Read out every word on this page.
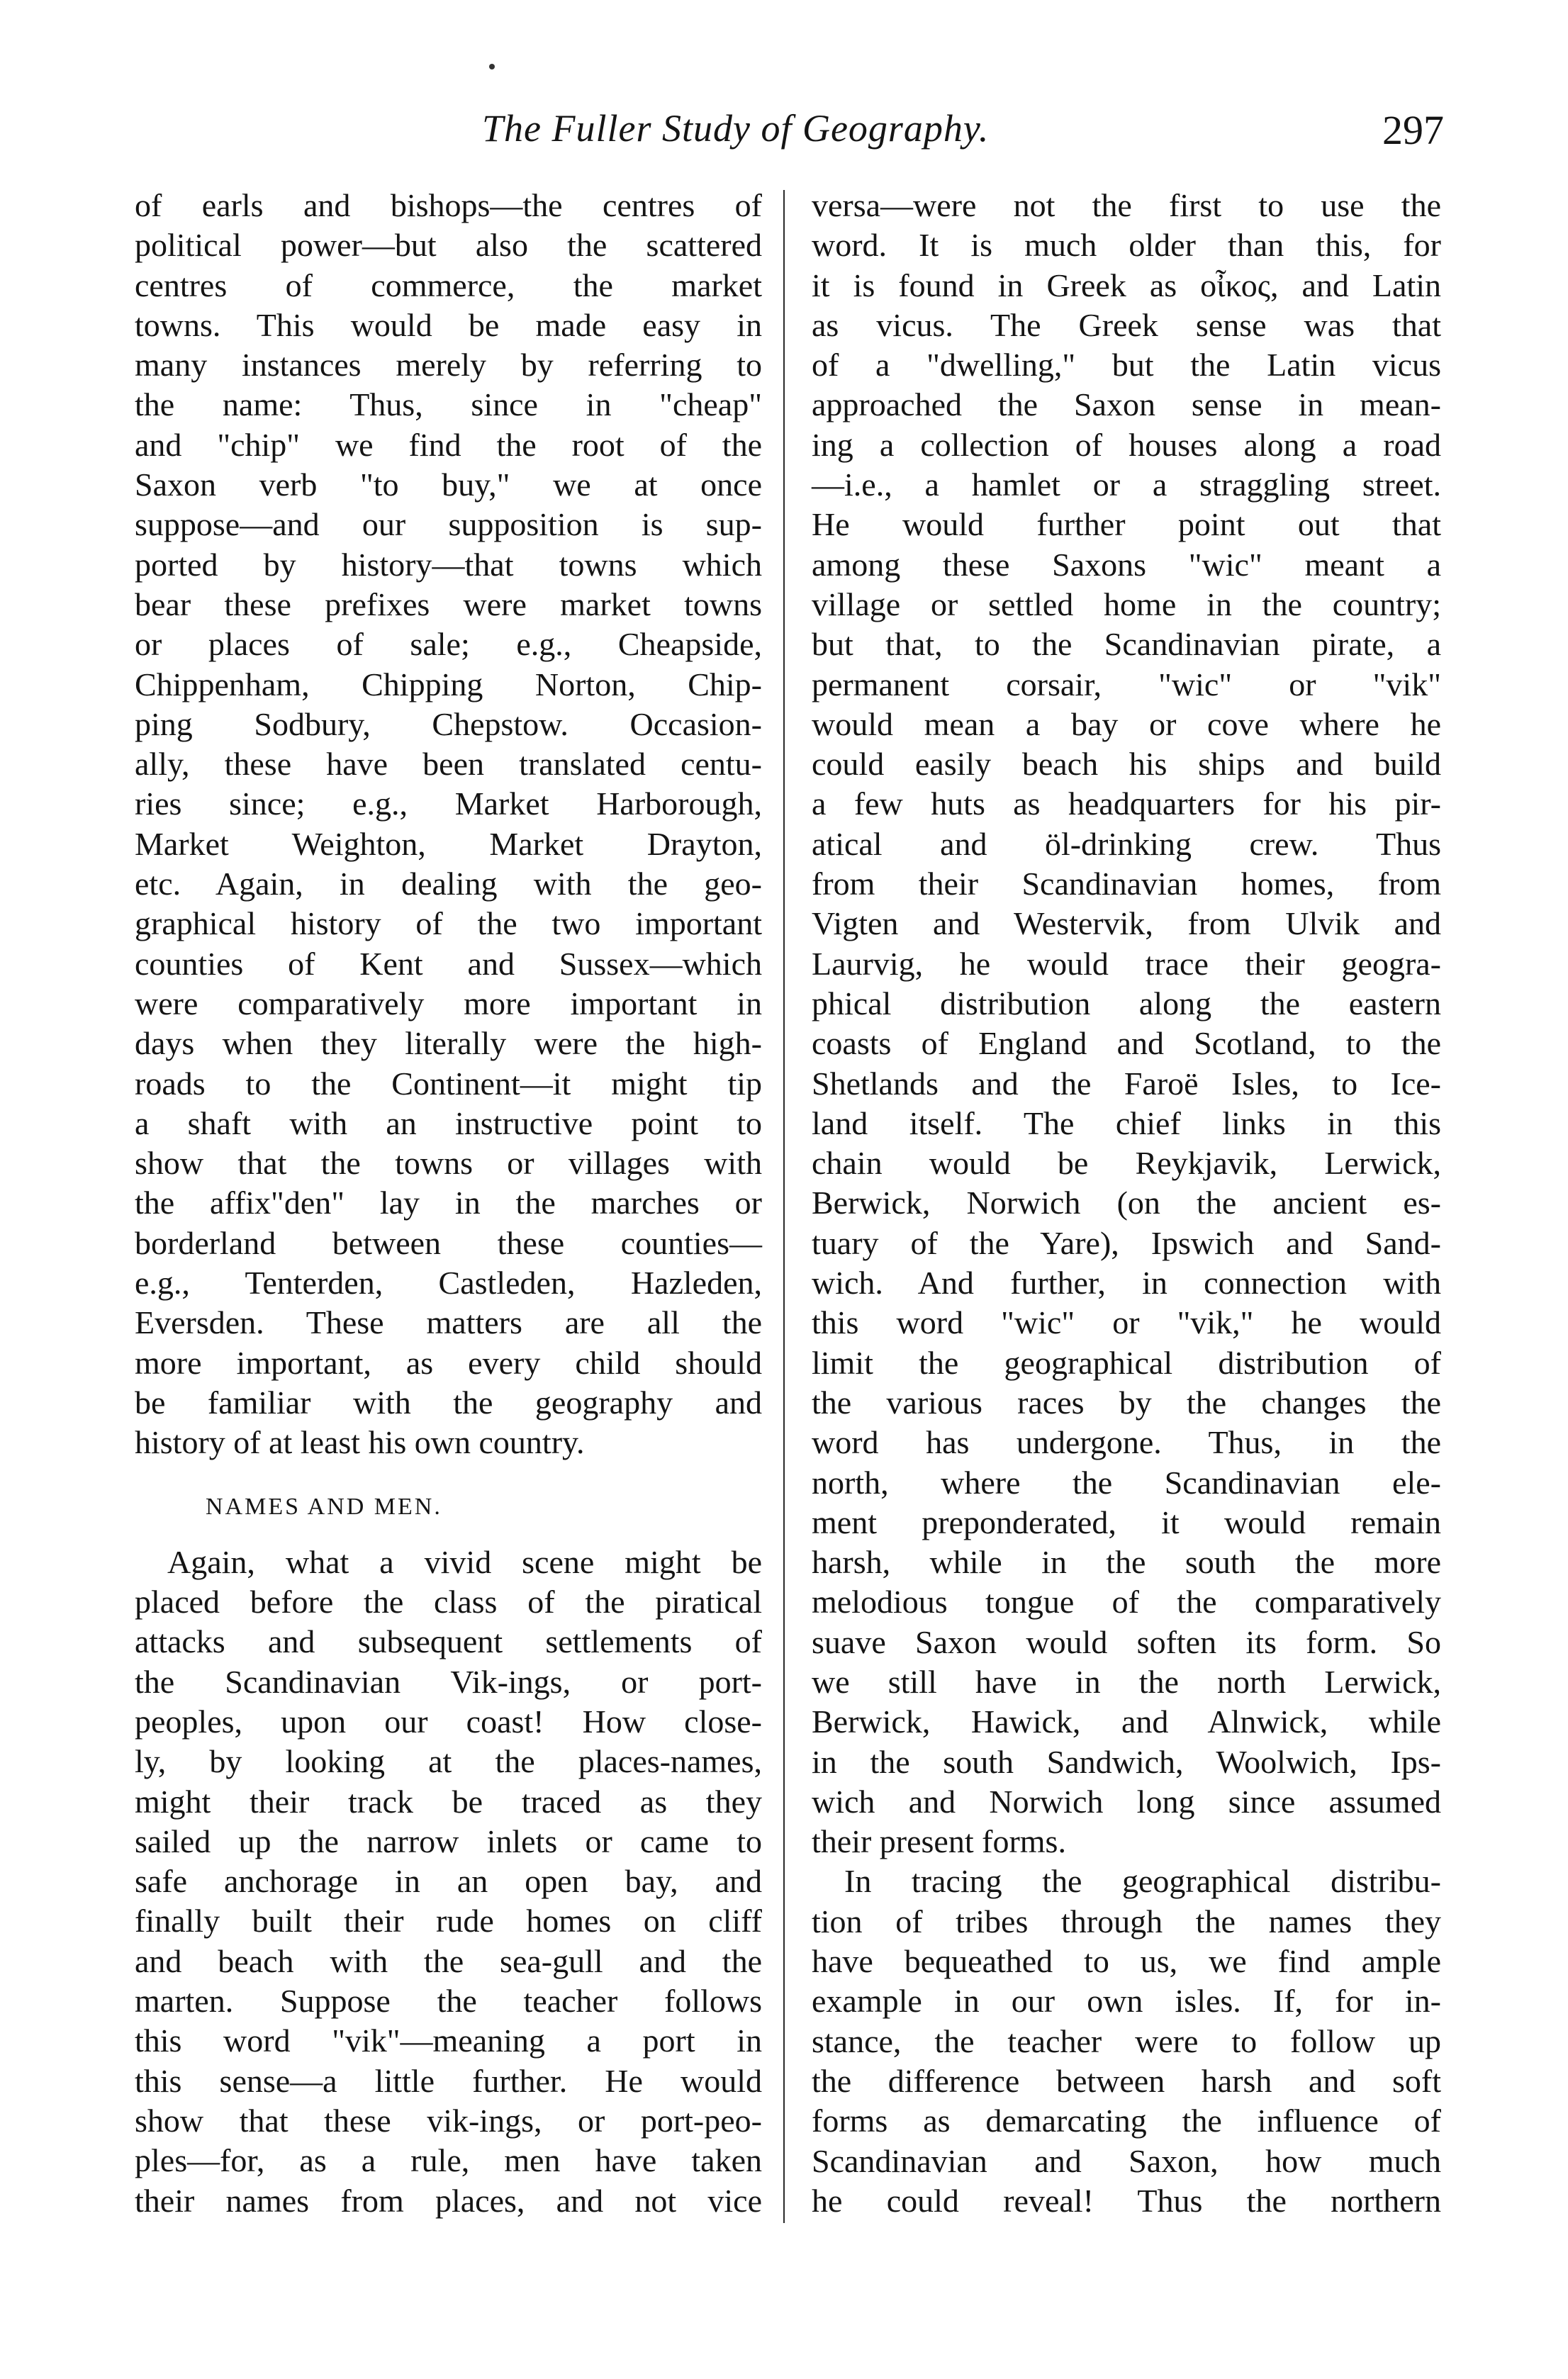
The Fuller Study of Geography.	297
of earls and bishops—the centres of
political power—but also the scattered
centres of commerce, the market
towns. This would be made easy in
many instances merely by referring to
the name: Thus, since in "cheap"
and "chip" we find the root of the
Saxon verb "to buy," we at once
suppose—and our supposition is sup-
ported by history—that towns which
bear these prefixes were market towns
or places of sale; e.g., Cheapside,
Chippenham, Chipping Norton, Chip-
ping Sodbury, Chepstow. Occasion-
ally, these have been translated centu-
ries since; e.g., Market Harborough,
Market Weighton, Market Drayton,
etc. Again, in dealing with the geo-
graphical history of the two important
counties of Kent and Sussex—which
were comparatively more important in
days when they literally were the high-
roads to the Continent—it might tip
a shaft with an instructive point to
show that the towns or villages with
the affix"den" lay in the marches or
borderland between these counties—
e.g., Tenterden, Castleden, Hazleden,
Eversden. These matters are all the
more important, as every child should
be familiar with the geography and
history of at least his own country.
NAMES AND MEN.
Again, what a vivid scene might be
placed before the class of the piratical
attacks and subsequent settlements of
the Scandinavian Vik-ings, or port-
peoples, upon our coast! How close-
ly, by looking at the places-names,
might their track be traced as they
sailed up the narrow inlets or came to
safe anchorage in an open bay, and
finally built their rude homes on cliff
and beach with the sea-gull and the
marten. Suppose the teacher follows
this word "vik"—meaning a port in
this sense—a little further. He would
show that these vik-ings, or port-peo-
ples—for, as a rule, men have taken
their names from places, and not vice
versa—were not the first to use the
word. It is much older than this, for
it is found in Greek as οἶκος, and Latin
as vicus. The Greek sense was that
of a "dwelling," but the Latin vicus
approached the Saxon sense in mean-
ing a collection of houses along a road
—i.e., a hamlet or a straggling street.
He would further point out that
among these Saxons "wic" meant a
village or settled home in the country;
but that, to the Scandinavian pirate, a
permanent corsair, "wic" or "vik"
would mean a bay or cove where he
could easily beach his ships and build
a few huts as headquarters for his pir-
atical and öl-drinking crew. Thus
from their Scandinavian homes, from
Vigten and Westervik, from Ulvik and
Laurvig, he would trace their geogra-
phical distribution along the eastern
coasts of England and Scotland, to the
Shetlands and the Faroë Isles, to Ice-
land itself. The chief links in this
chain would be Reykjavik, Lerwick,
Berwick, Norwich (on the ancient es-
tuary of the Yare), Ipswich and Sand-
wich. And further, in connection with
this word "wic" or "vik," he would
limit the geographical distribution of
the various races by the changes the
word has undergone. Thus, in the
north, where the Scandinavian ele-
ment preponderated, it would remain
harsh, while in the south the more
melodious tongue of the comparatively
suave Saxon would soften its form. So
we still have in the north Lerwick,
Berwick, Hawick, and Alnwick, while
in the south Sandwich, Woolwich, Ips-
wich and Norwich long since assumed
their present forms.
In tracing the geographical distribu-
tion of tribes through the names they
have bequeathed to us, we find ample
example in our own isles. If, for in-
stance, the teacher were to follow up
the difference between harsh and soft
forms as demarcating the influence of
Scandinavian and Saxon, how much
he could reveal! Thus the northern
